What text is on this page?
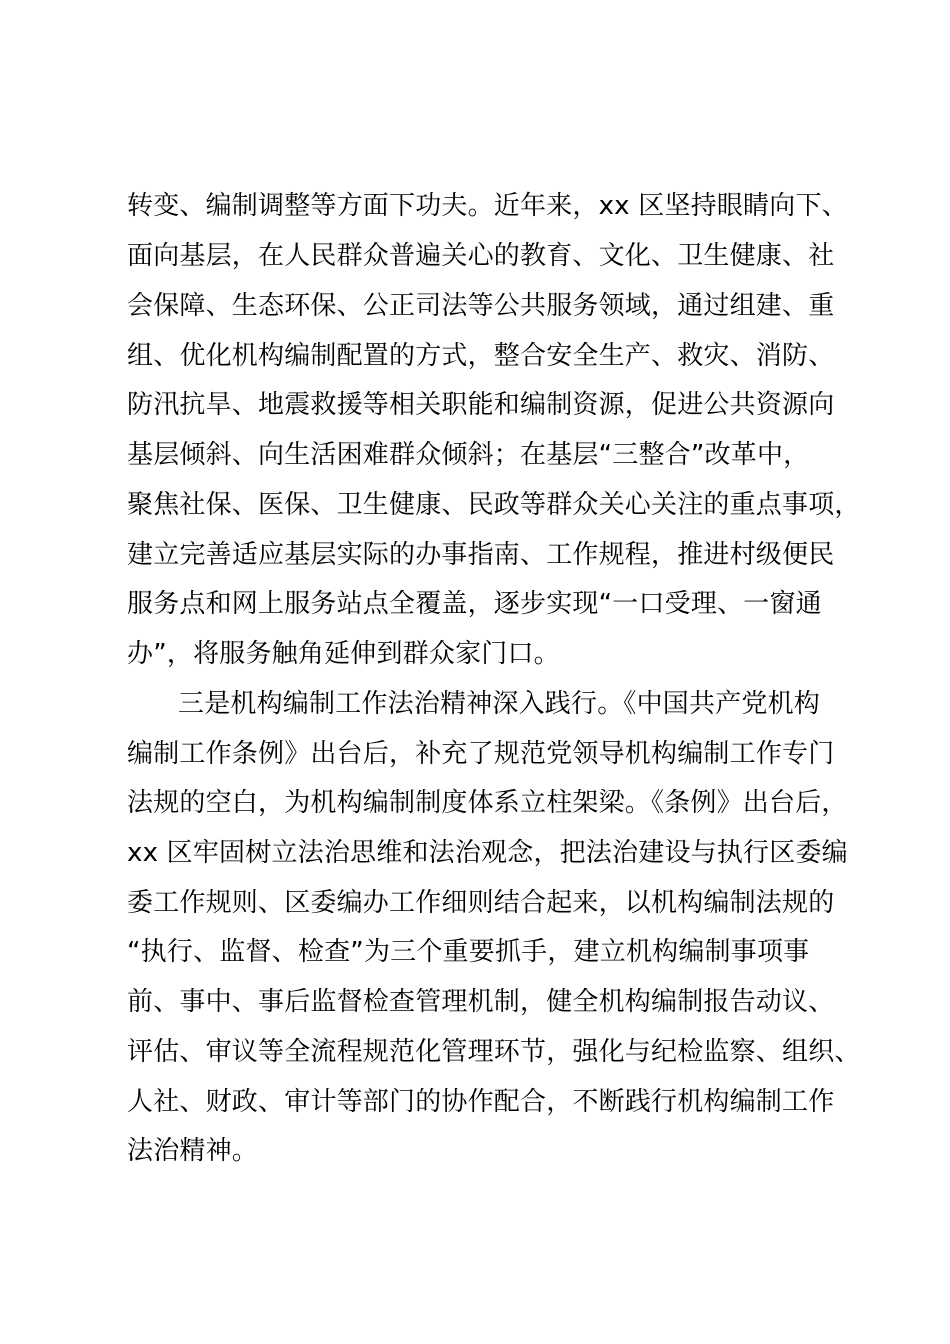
转变、编制调整等方面下功夫。近年来，xx 区坚持眼睛向下、
面向基层，在人民群众普遍关心的教育、文化、卫生健康、社
会保障、生态环保、公正司法等公共服务领域，通过组建、重
组、优化机构编制配置的方式，整合安全生产、救灾、消防、
防汛抗旱、地震救援等相关职能和编制资源，促进公共资源向
基层倾斜、向生活困难群众倾斜；在基层“三整合”改革中，
聚焦社保、医保、卫生健康、民政等群众关心关注的重点事项，
建立完善适应基层实际的办事指南、工作规程，推进村级便民
服务点和网上服务站点全覆盖，逐步实现“一口受理、一窗通
办”，将服务触角延伸到群众家门口。
三是机构编制工作法治精神深入践行。《中国共产党机构
编制工作条例》出台后，补充了规范党领导机构编制工作专门
法规的空白，为机构编制制度体系立柱架梁。《条例》出台后，
xx 区牢固树立法治思维和法治观念，把法治建设与执行区委编
委工作规则、区委编办工作细则结合起来，以机构编制法规的
“执行、监督、检查”为三个重要抓手，建立机构编制事项事
前、事中、事后监督检查管理机制，健全机构编制报告动议、
评估、审议等全流程规范化管理环节，强化与纪检监察、组织、
人社、财政、审计等部门的协作配合，不断践行机构编制工作
法治精神。
